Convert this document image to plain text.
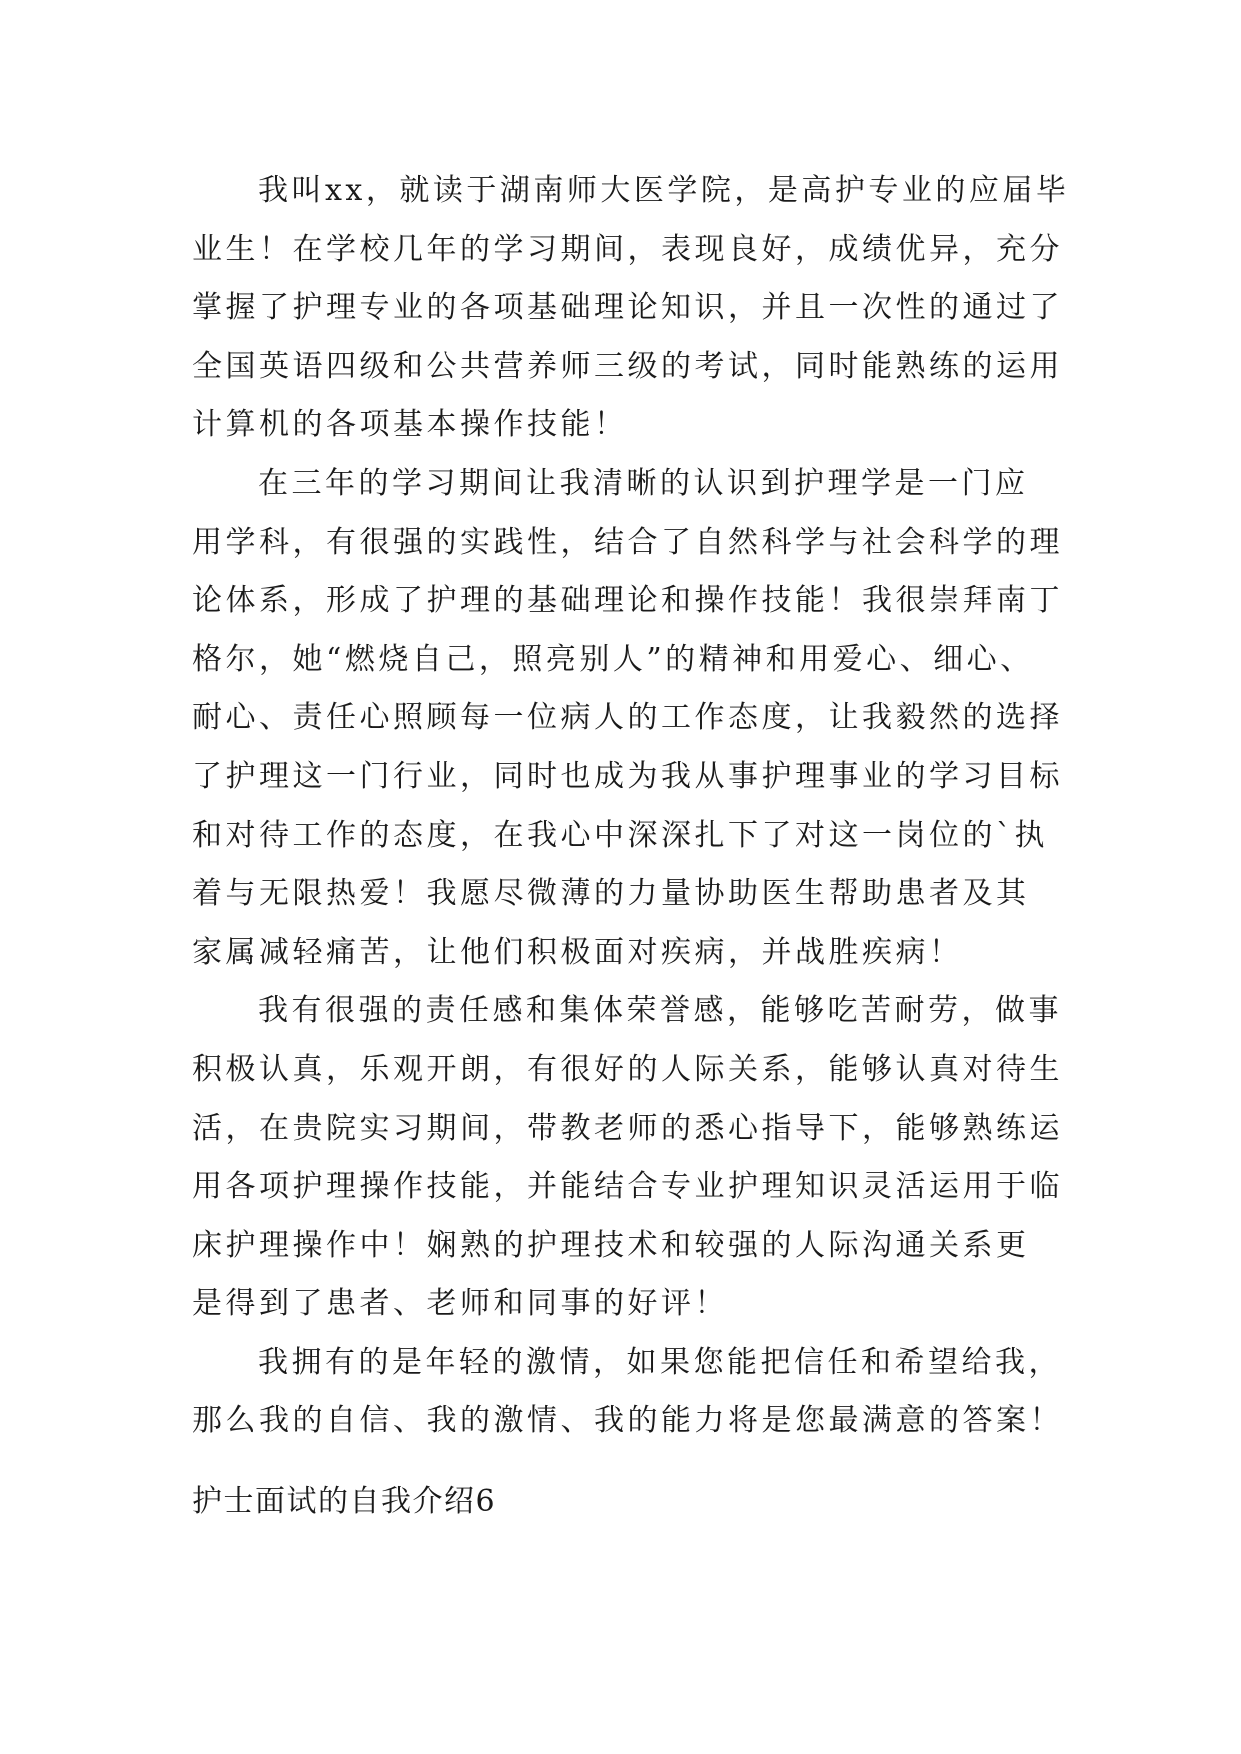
我叫xx，就读于湖南师大医学院，是高护专业的应届毕
业生！在学校几年的学习期间，表现良好，成绩优异，充分
掌握了护理专业的各项基础理论知识，并且一次性的通过了
全国英语四级和公共营养师三级的考试，同时能熟练的运用
计算机的各项基本操作技能！

在三年的学习期间让我清晰的认识到护理学是一门应
用学科，有很强的实践性，结合了自然科学与社会科学的理
论体系，形成了护理的基础理论和操作技能！我很崇拜南丁
格尔，她“燃烧自己，照亮别人”的精神和用爱心、细心、
耐心、责任心照顾每一位病人的工作态度，让我毅然的选择
了护理这一门行业，同时也成为我从事护理事业的学习目标
和对待工作的态度，在我心中深深扎下了对这一岗位的`执
着与无限热爱！我愿尽微薄的力量协助医生帮助患者及其
家属减轻痛苦，让他们积极面对疾病，并战胜疾病！

我有很强的责任感和集体荣誉感，能够吃苦耐劳，做事
积极认真，乐观开朗，有很好的人际关系，能够认真对待生
活，在贵院实习期间，带教老师的悉心指导下，能够熟练运
用各项护理操作技能，并能结合专业护理知识灵活运用于临
床护理操作中！娴熟的护理技术和较强的人际沟通关系更
是得到了患者、老师和同事的好评！

我拥有的是年轻的激情，如果您能把信任和希望给我，
那么我的自信、我的激情、我的能力将是您最满意的答案！

护士面试的自我介绍6
